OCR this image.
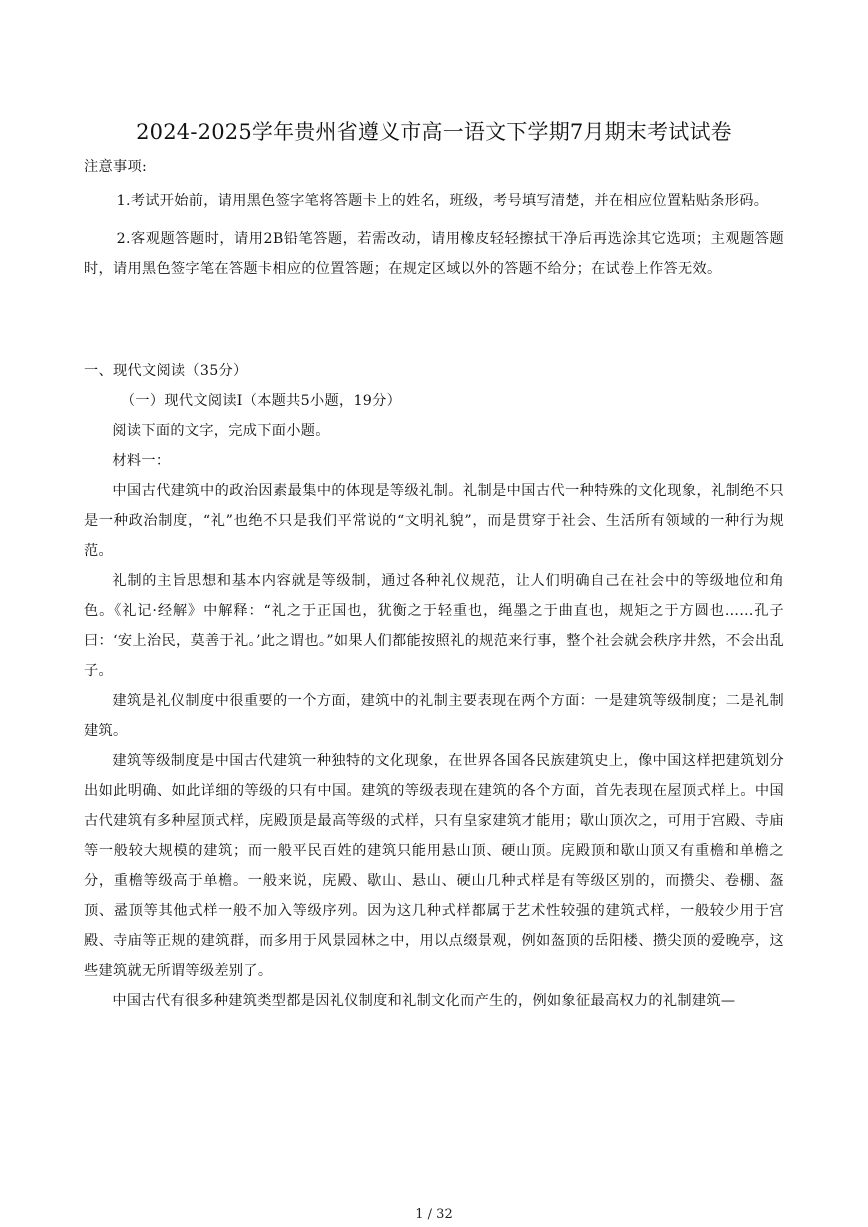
2024-2025学年贵州省遵义市高一语文下学期7月期末考试试卷
注意事项:

1.考试开始前，请用黑色签字笔将答题卡上的姓名，班级，考号填写清楚，并在相应位置粘贴条形码。

2.客观题答题时，请用2B铅笔答题，若需改动，请用橡皮轻轻擦拭干净后再选涂其它选项；主观题答题时，请用黑色签字笔在答题卡相应的位置答题；在规定区域以外的答题不给分；在试卷上作答无效。

一、现代文阅读（35分）

（一）现代文阅读Ⅰ（本题共5小题，19分）

阅读下面的文字，完成下面小题。

材料一：

中国古代建筑中的政治因素最集中的体现是等级礼制。礼制是中国古代一种特殊的文化现象，礼制绝不只是一种政治制度，“礼”也绝不只是我们平常说的“文明礼貌”，而是贯穿于社会、生活所有领域的一种行为规范。

礼制的主旨思想和基本内容就是等级制，通过各种礼仪规范，让人们明确自己在社会中的等级地位和角色。《礼记·经解》中解释：“礼之于正国也，犹衡之于轻重也，绳墨之于曲直也，规矩之于方圆也……孔子曰：‘安上治民，莫善于礼。’此之谓也。”如果人们都能按照礼的规范来行事，整个社会就会秩序井然，不会出乱子。

建筑是礼仪制度中很重要的一个方面，建筑中的礼制主要表现在两个方面：一是建筑等级制度；二是礼制建筑。

建筑等级制度是中国古代建筑一种独特的文化现象，在世界各国各民族建筑史上，像中国这样把建筑划分出如此明确、如此详细的等级的只有中国。建筑的等级表现在建筑的各个方面，首先表现在屋顶式样上。中国古代建筑有多种屋顶式样，庑殿顶是最高等级的式样，只有皇家建筑才能用；歇山顶次之，可用于宫殿、寺庙等一般较大规模的建筑；而一般平民百姓的建筑只能用悬山顶、硬山顶。庑殿顶和歇山顶又有重檐和单檐之分，重檐等级高于单檐。一般来说，庑殿、歇山、悬山、硬山几种式样是有等级区别的，而攒尖、卷棚、盔顶、盝顶等其他式样一般不加入等级序列。因为这几种式样都属于艺术性较强的建筑式样，一般较少用于宫殿、寺庙等正规的建筑群，而多用于风景园林之中，用以点缀景观，例如盔顶的岳阳楼、攒尖顶的爱晚亭，这些建筑就无所谓等级差别了。

中国古代有很多种建筑类型都是因礼仪制度和礼制文化而产生的，例如象征最高权力的礼制建筑—

1 / 32
